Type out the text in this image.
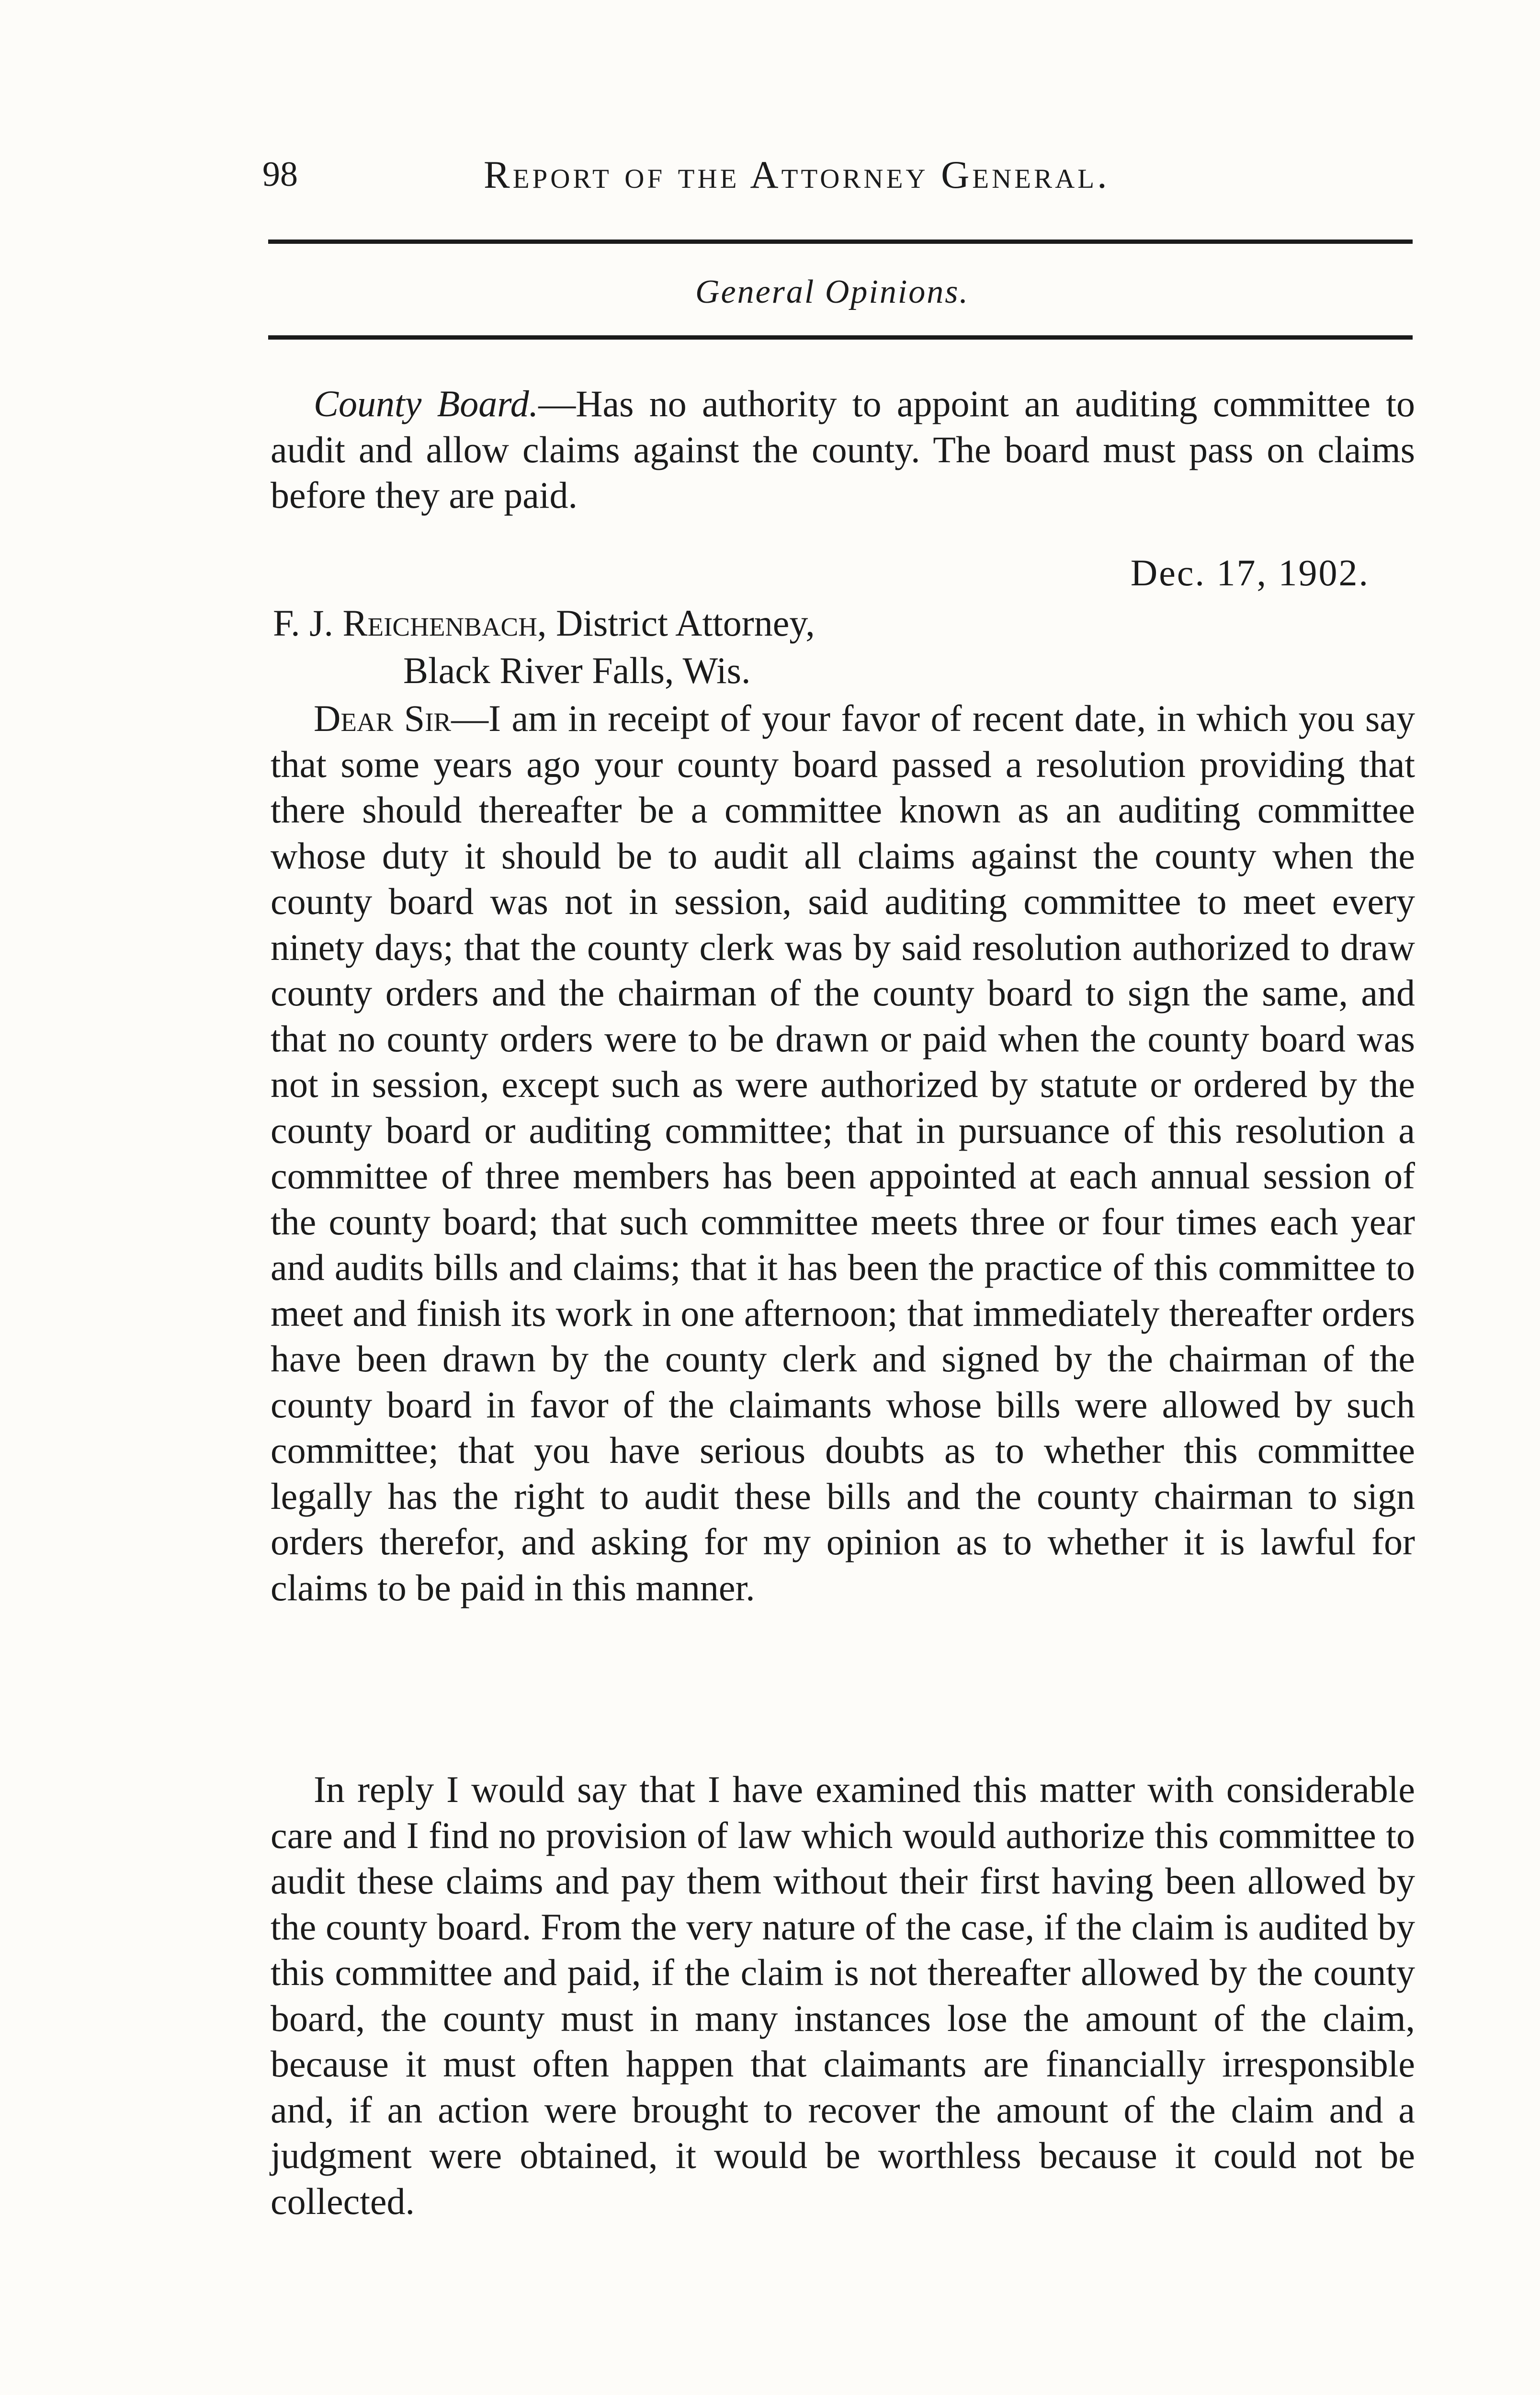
98	Report of the Attorney General.
General Opinions.

County Board.—Has no authority to appoint an auditing committee to audit and allow claims against the county. The board must pass on claims before they are paid.

Dec. 17, 1902.
F. J. Reichenbach, District Attorney,
Black River Falls, Wis.

Dear Sir—I am in receipt of your favor of recent date, in which you say that some years ago your county board passed a resolution providing that there should thereafter be a committee known as an auditing committee whose duty it should be to audit all claims against the county when the county board was not in session, said auditing committee to meet every ninety days; that the county clerk was by said resolution authorized to draw county orders and the chairman of the county board to sign the same, and that no county orders were to be drawn or paid when the county board was not in session, except such as were authorized by statute or ordered by the county board or auditing committee; that in pursuance of this resolution a committee of three members has been appointed at each annual session of the county board; that such committee meets three or four times each year and audits bills and claims; that it has been the practice of this committee to meet and finish its work in one afternoon; that immediately thereafter orders have been drawn by the county clerk and signed by the chairman of the county board in favor of the claimants whose bills were allowed by such committee; that you have serious doubts as to whether this committee legally has the right to audit these bills and the county chairman to sign orders therefor, and asking for my opinion as to whether it is lawful for claims to be paid in this manner.

In reply I would say that I have examined this matter with considerable care and I find no provision of law which would authorize this committee to audit these claims and pay them without their first having been allowed by the county board. From the very nature of the case, if the claim is audited by this committee and paid, if the claim is not thereafter allowed by the county board, the county must in many instances lose the amount of the claim, because it must often happen that claimants are financially irresponsible and, if an action were brought to recover the amount of the claim and a judgment were obtained, it would be worthless because it could not be collected.
